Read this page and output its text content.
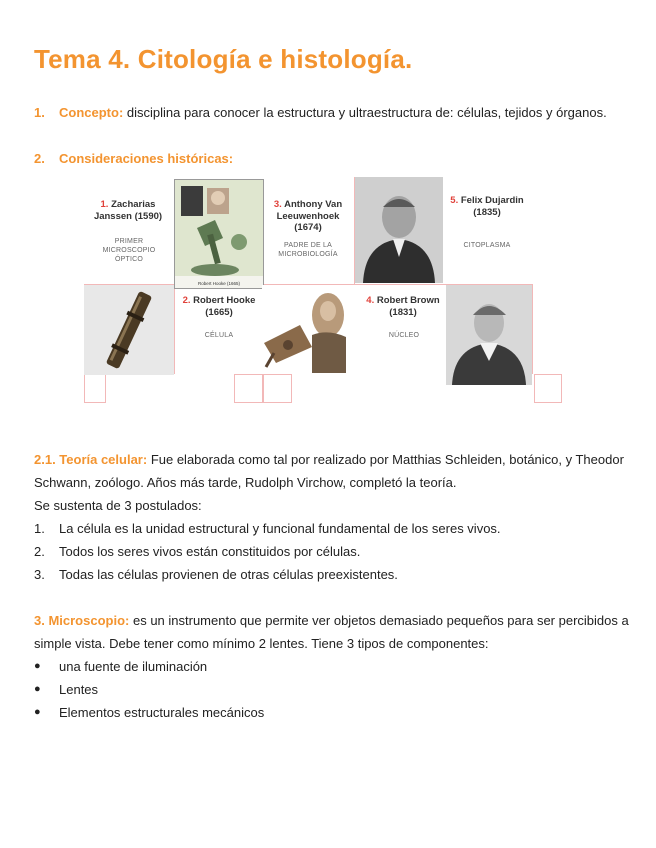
Tema 4. Citología e histología.
1. Concepto: disciplina para conocer la estructura y ultraestructura de: células, tejidos y órganos.
2. Consideraciones históricas:
1. Zacharias Janssen (1590)
PRIMER MICROSCOPIO ÓPTICO
Robert Hooke (1665)
3. Anthony Van Leeuwenhoek (1674)
PADRE DE LA MICROBIOLOGÍA
5. Felix Dujardin (1835)
CITOPLASMA
2. Robert Hooke (1665)
CÉLULA
4. Robert Brown (1831)
NÚCLEO
2.1. Teoría celular: Fue elaborada como tal por realizado por Matthias Schleiden, botánico, y Theodor Schwann, zoólogo. Años más tarde, Rudolph Virchow, completó la teoría.
Se sustenta de 3 postulados:
1. La célula es la unidad estructural y funcional fundamental de los seres vivos.
2. Todos los seres vivos están constituidos por células.
3. Todas las células provienen de otras células preexistentes.
3. Microscopio: es un instrumento que permite ver objetos demasiado pequeños para ser percibidos a simple vista. Debe tener como mínimo 2 lentes. Tiene 3 tipos de componentes:
● una fuente de iluminación
● Lentes
● Elementos estructurales mecánicos
